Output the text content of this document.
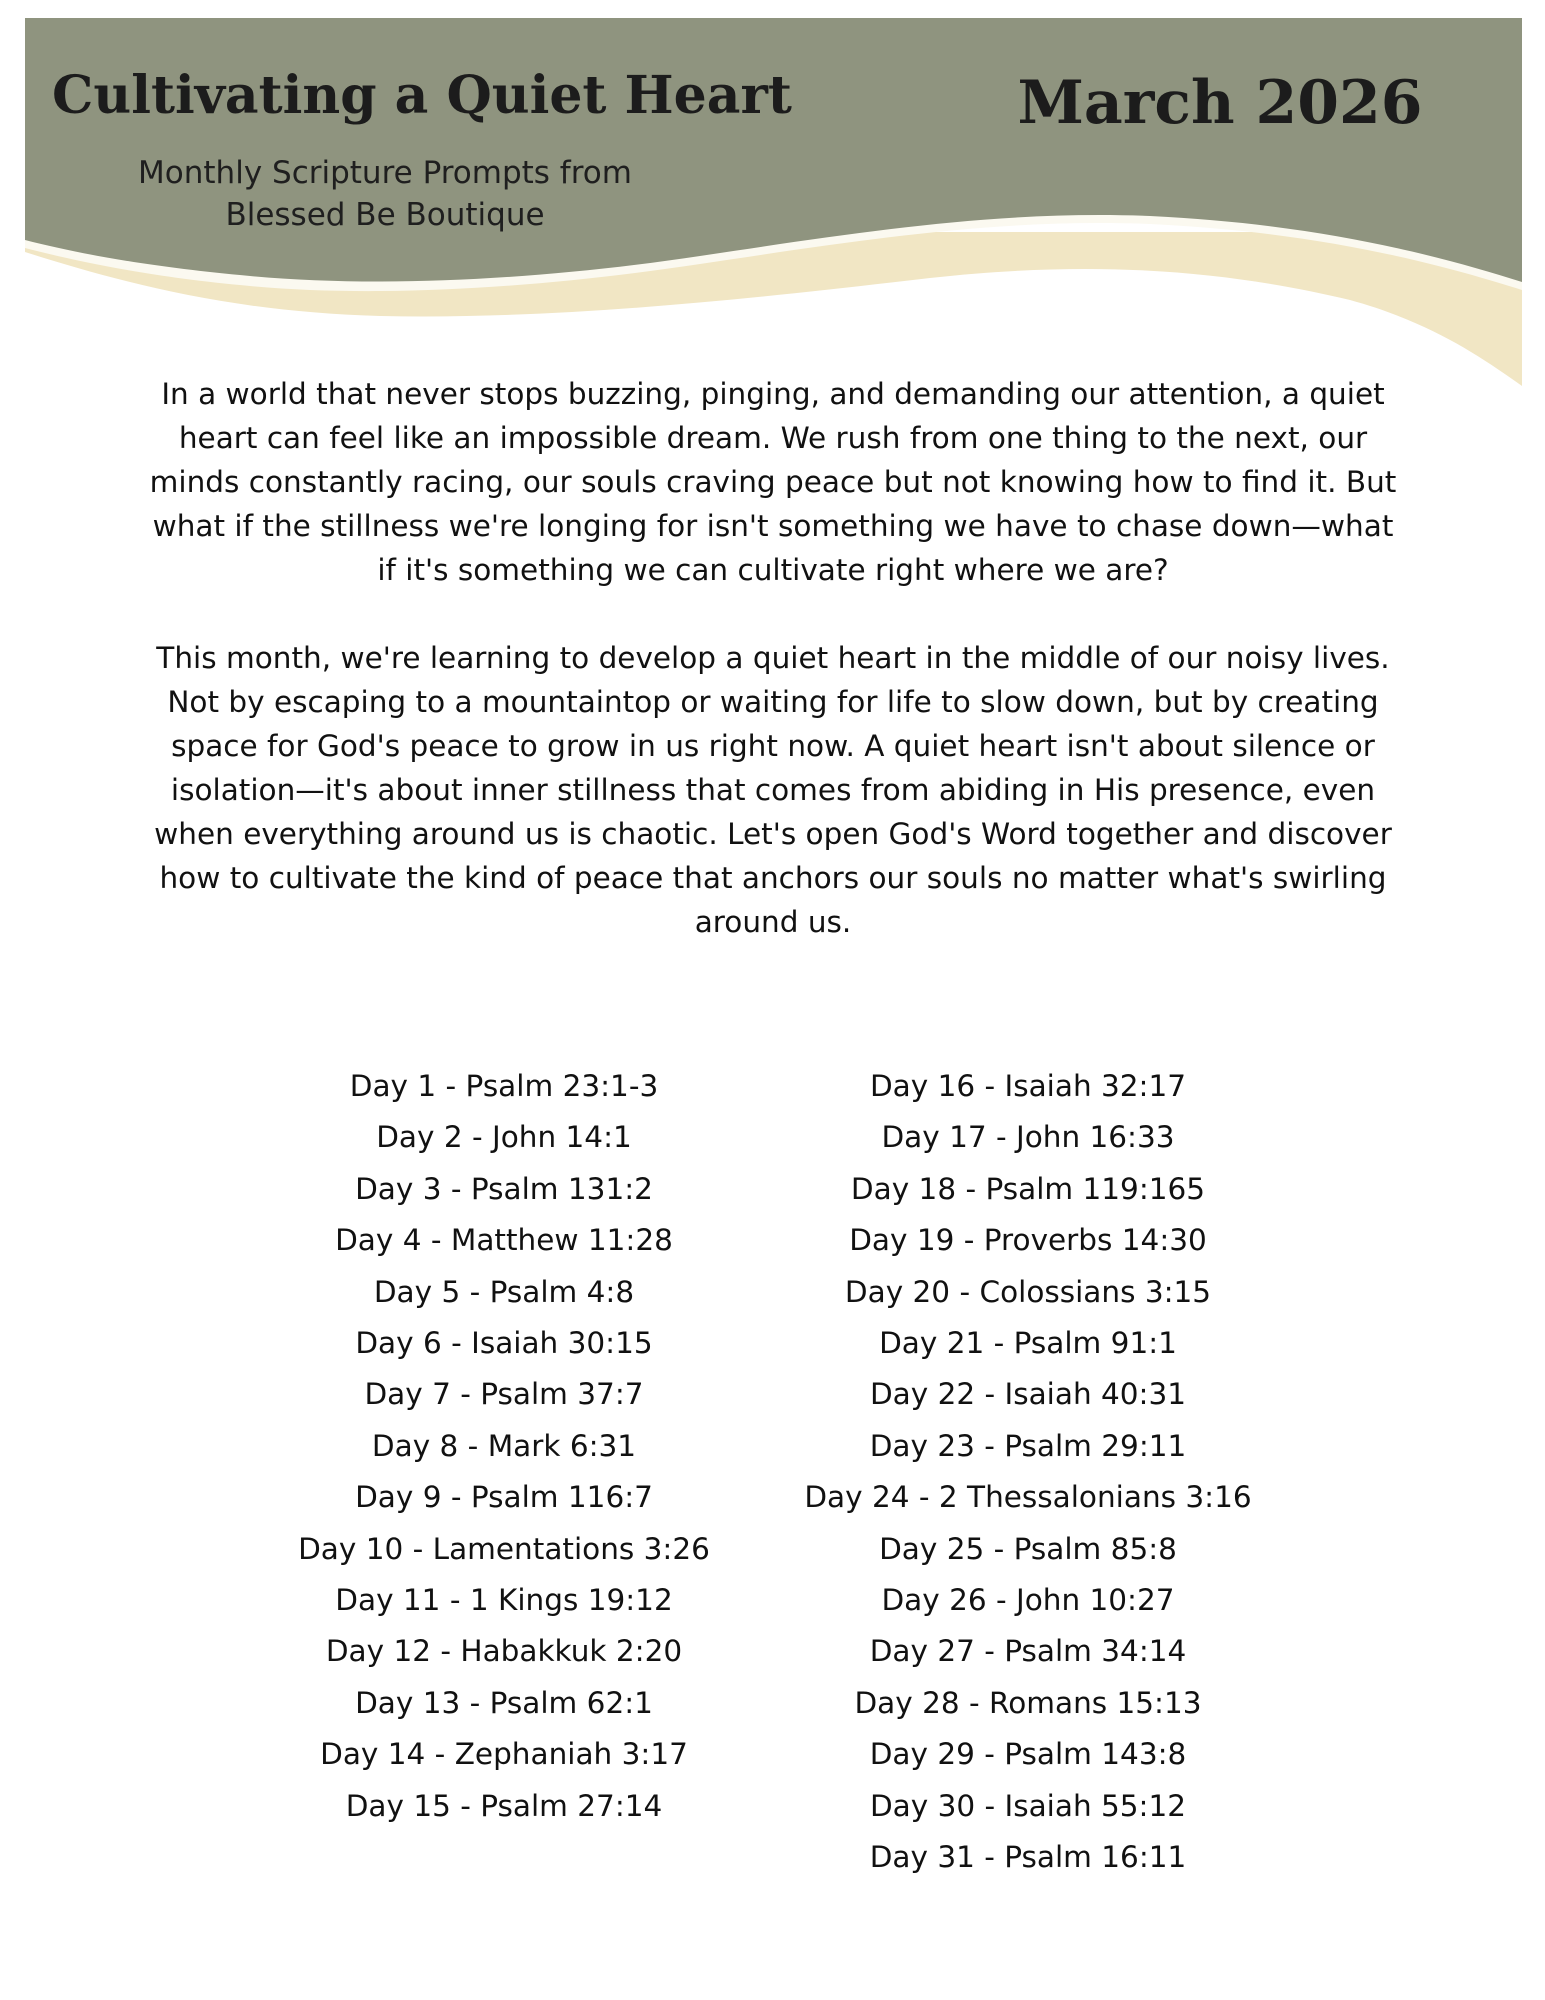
Cultivating a Quiet Heart	March 2026
Monthly Scripture Prompts from
Blessed Be Boutique

In a world that never stops buzzing, pinging, and demanding our attention, a quiet heart can feel like an impossible dream. We rush from one thing to the next, our minds constantly racing, our souls craving peace but not knowing how to find it. But what if the stillness we're longing for isn't something we have to chase down—what if it's something we can cultivate right where we are?

This month, we're learning to develop a quiet heart in the middle of our noisy lives. Not by escaping to a mountaintop or waiting for life to slow down, but by creating space for God's peace to grow in us right now. A quiet heart isn't about silence or isolation—it's about inner stillness that comes from abiding in His presence, even when everything around us is chaotic. Let's open God's Word together and discover how to cultivate the kind of peace that anchors our souls no matter what's swirling around us.

Day 1 - Psalm 23:1-3
Day 2 - John 14:1
Day 3 - Psalm 131:2
Day 4 - Matthew 11:28
Day 5 - Psalm 4:8
Day 6 - Isaiah 30:15
Day 7 - Psalm 37:7
Day 8 - Mark 6:31
Day 9 - Psalm 116:7
Day 10 - Lamentations 3:26
Day 11 - 1 Kings 19:12
Day 12 - Habakkuk 2:20
Day 13 - Psalm 62:1
Day 14 - Zephaniah 3:17
Day 15 - Psalm 27:14
Day 16 - Isaiah 32:17
Day 17 - John 16:33
Day 18 - Psalm 119:165
Day 19 - Proverbs 14:30
Day 20 - Colossians 3:15
Day 21 - Psalm 91:1
Day 22 - Isaiah 40:31
Day 23 - Psalm 29:11
Day 24 - 2 Thessalonians 3:16
Day 25 - Psalm 85:8
Day 26 - John 10:27
Day 27 - Psalm 34:14
Day 28 - Romans 15:13
Day 29 - Psalm 143:8
Day 30 - Isaiah 55:12
Day 31 - Psalm 16:11
